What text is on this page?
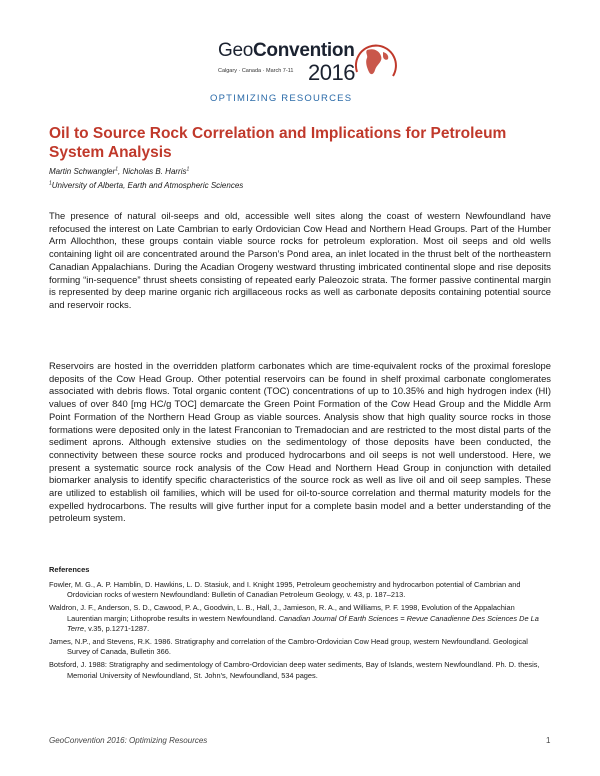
GeoConvention
Calgary · Canada · March 7-11 2016
OPTIMIZING RESOURCES
Oil to Source Rock Correlation and Implications for Petroleum System Analysis
Martin Schwangler$^1$, Nicholas B. Harris$^1$
$^1$University of Alberta, Earth and Atmospheric Sciences

The presence of natural oil-seeps and old, accessible well sites along the coast of western Newfoundland have refocused the interest on Late Cambrian to early Ordovician Cow Head and Northern Head Groups. Part of the Humber Arm Allochthon, these groups contain viable source rocks for petroleum exploration. Most oil seeps and old wells containing light oil are concentrated around the Parson’s Pond area, an inlet located in the thrust belt of the northeastern Canadian Appalachians. During the Acadian Orogeny westward thrusting imbricated continental slope and rise deposits forming “in-sequence” thrust sheets consisting of repeated early Paleozoic strata. The former passive continental margin is represented by deep marine organic rich argillaceous rocks as well as carbonate deposits containing potential source and reservoir rocks.

Reservoirs are hosted in the overridden platform carbonates which are time-equivalent rocks of the proximal foreslope deposits of the Cow Head Group. Other potential reservoirs can be found in shelf proximal carbonate conglomerates associated with debris flows. Total organic content (TOC) concentrations of up to 10.35% and high hydrogen index (HI) values of over 840 [mg HC/g TOC] demarcate the Green Point Formation of the Cow Head Group and the Middle Arm Point Formation of the Northern Head Group as viable sources. Analysis show that high quality source rocks in those formations were deposited only in the latest Franconian to Tremadocian and are restricted to the most distal parts of the sediment aprons. Although extensive studies on the sedimentology of those deposits have been conducted, the connectivity between these source rocks and produced hydrocarbons and oil seeps is not well understood. Here, we present a systematic source rock analysis of the Cow Head and Northern Head Group in conjunction with detailed biomarker analysis to identify specific characteristics of the source rock as well as live oil and oil seep samples. These are utilized to establish oil families, which will be used for oil-to-source correlation and thermal maturity models for the expelled hydrocarbons. The results will give further input for a complete basin model and a better understanding of the petroleum system.

References
Fowler, M. G., A. P. Hamblin, D. Hawkins, L. D. Stasiuk, and I. Knight 1995, Petroleum geochemistry and hydrocarbon potential of Cambrian and Ordovician rocks of western Newfoundland: Bulletin of Canadian Petroleum Geology, v. 43, p. 187–213.
Waldron, J. F., Anderson, S. D., Cawood, P. A., Goodwin, L. B., Hall, J., Jamieson, R. A., and Williams, P. F. 1998, Evolution of the Appalachian Laurentian margin; Lithoprobe results in western Newfoundland. Canadian Journal Of Earth Sciences = Revue Canadienne Des Sciences De La Terre, v.35, p.1271-1287.
James, N.P., and Stevens, R.K. 1986. Stratigraphy and correlation of the Cambro-Ordovician Cow Head group, western Newfoundland. Geological Survey of Canada, Bulletin 366.
Botsford, J. 1988: Stratigraphy and sedimentology of Cambro-Ordovician deep water sediments, Bay of Islands, western Newfoundland. Ph. D. thesis, Memorial University of Newfoundland, St. John's, Newfoundland, 534 pages.
GeoConvention 2016: Optimizing Resources	1
